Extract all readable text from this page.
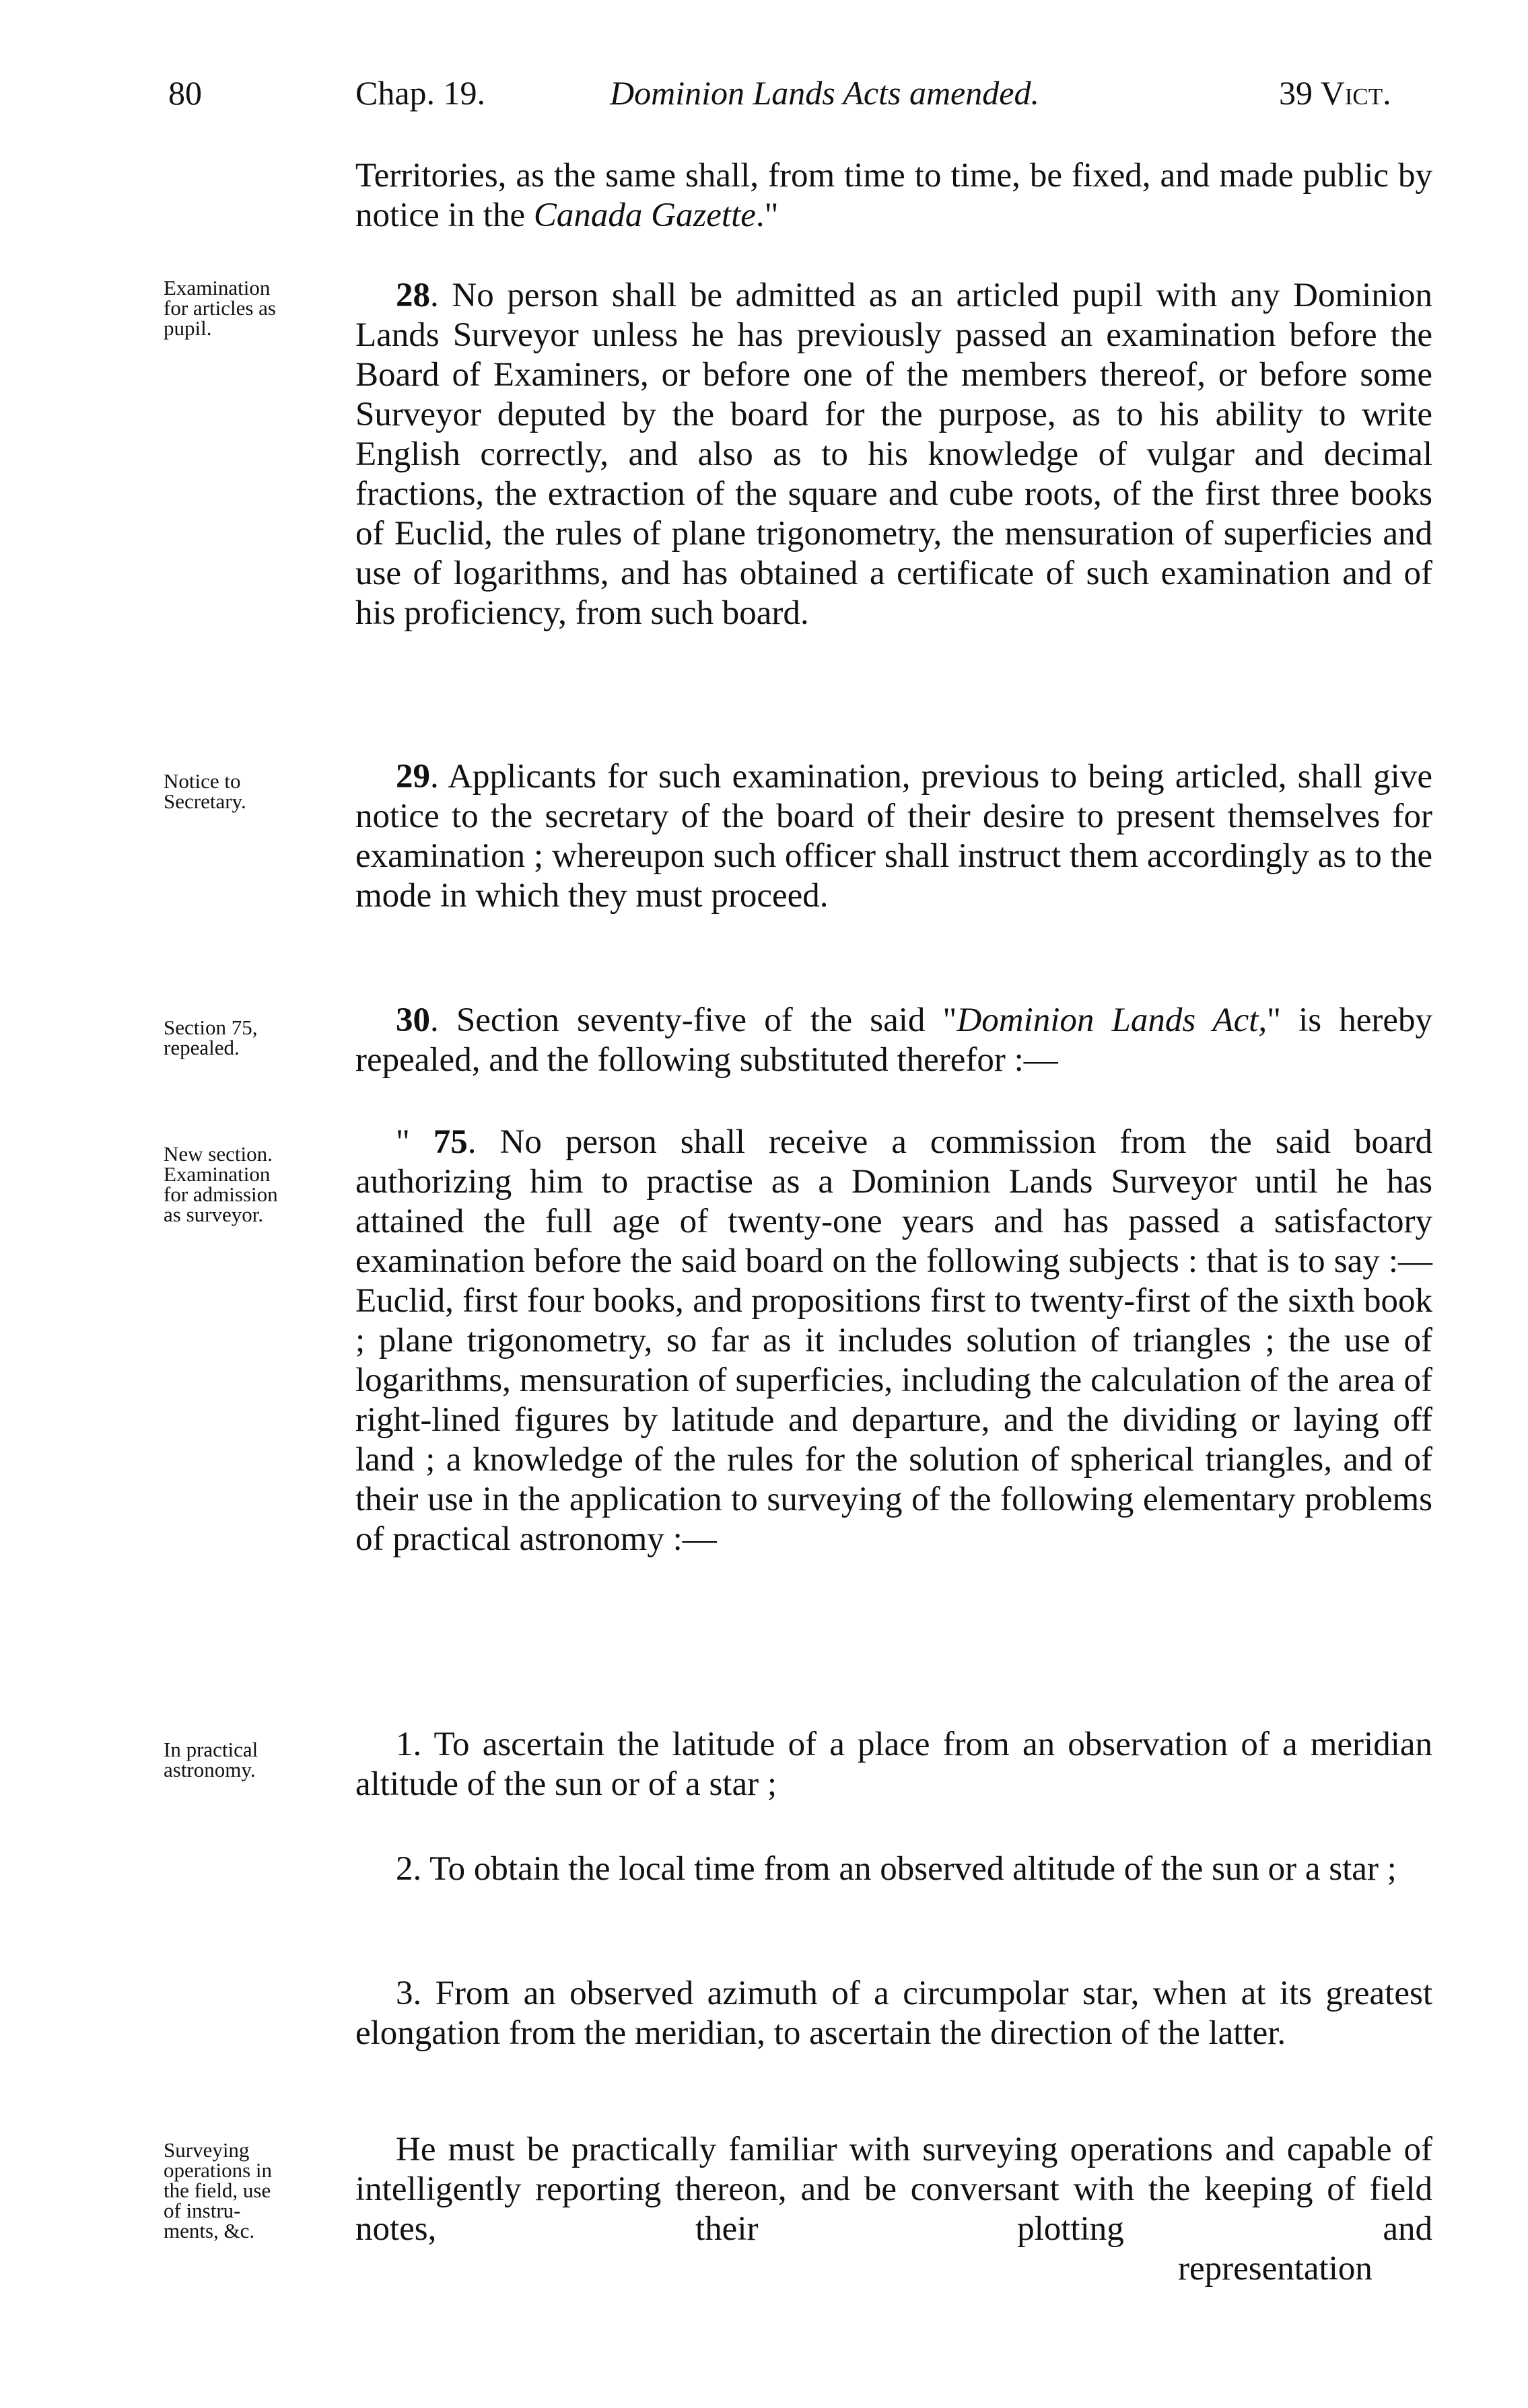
80	Chap. 19.	Dominion Lands Acts amended.	39 Vict.

Territories, as the same shall, from time to time, be fixed, and made public by notice in the Canada Gazette."

Examination
for articles as
pupil.

28. No person shall be admitted as an articled pupil with any Dominion Lands Surveyor unless he has previously passed an examination before the Board of Examiners, or before one of the members thereof, or before some Surveyor deputed by the board for the purpose, as to his ability to write English correctly, and also as to his knowledge of vulgar and decimal fractions, the extraction of the square and cube roots, of the first three books of Euclid, the rules of plane trigonometry, the mensuration of superficies and use of logarithms, and has obtained a certificate of such examination and of his proficiency, from such board.

Notice to
Secretary.

29. Applicants for such examination, previous to being articled, shall give notice to the secretary of the board of their desire to present themselves for examination ; whereupon such officer shall instruct them accordingly as to the mode in which they must proceed.

Section 75,
repealed.

30. Section seventy-five of the said "Dominion Lands Act," is hereby repealed, and the following substituted therefor :—

New section.
Examination
for admission
as surveyor.

" 75. No person shall receive a commission from the said board authorizing him to practise as a Dominion Lands Surveyor until he has attained the full age of twenty-one years and has passed a satisfactory examination before the said board on the following subjects : that is to say :—Euclid, first four books, and propositions first to twenty-first of the sixth book ; plane trigonometry, so far as it includes solution of triangles ; the use of logarithms, mensuration of superficies, including the calculation of the area of right-lined figures by latitude and departure, and the dividing or laying off land ; a knowledge of the rules for the solution of spherical triangles, and of their use in the application to surveying of the following elementary problems of practical astronomy :—

In practical
astronomy.

1. To ascertain the latitude of a place from an observation of a meridian altitude of the sun or of a star ;

2. To obtain the local time from an observed altitude of the sun or a star ;

3. From an observed azimuth of a circumpolar star, when at its greatest elongation from the meridian, to ascertain the direction of the latter.

Surveying
operations in
the field, use
of instru-
ments, &c.

He must be practically familiar with surveying operations and capable of intelligently reporting thereon, and be conversant with the keeping of field notes, their plotting and

representation
